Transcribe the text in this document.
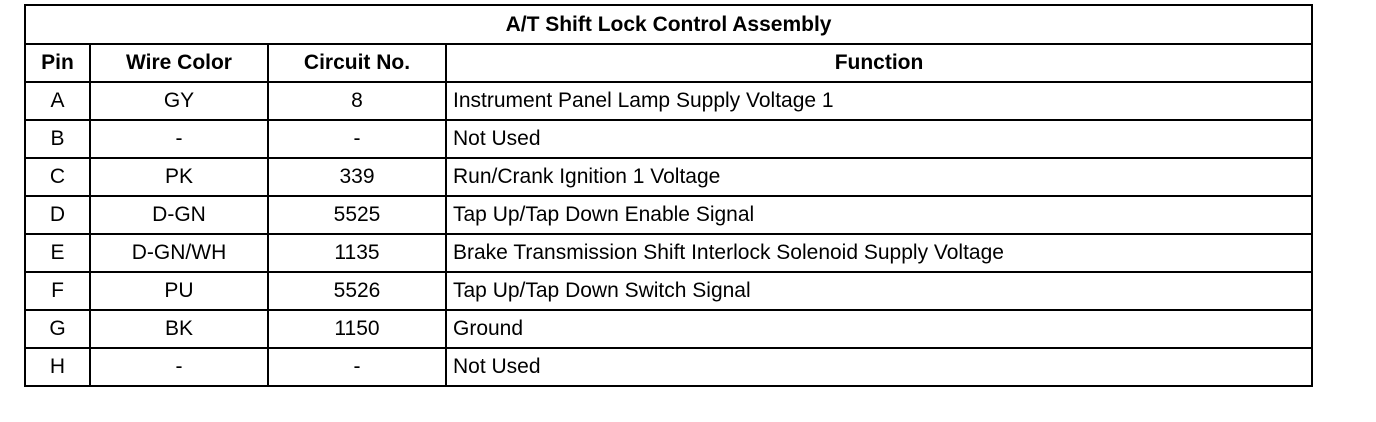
A/T Shift Lock Control Assembly			
Pin	Wire Color	Circuit No.	Function
A	GY	8	Instrument Panel Lamp Supply Voltage 1
B	-	-	Not Used
C	PK	339	Run/Crank Ignition 1 Voltage
D	D-GN	5525	Tap Up/Tap Down Enable Signal
E	D-GN/WH	1135	Brake Transmission Shift Interlock Solenoid Supply Voltage
F	PU	5526	Tap Up/Tap Down Switch Signal
G	BK	1150	Ground
H	-	-	Not Used
